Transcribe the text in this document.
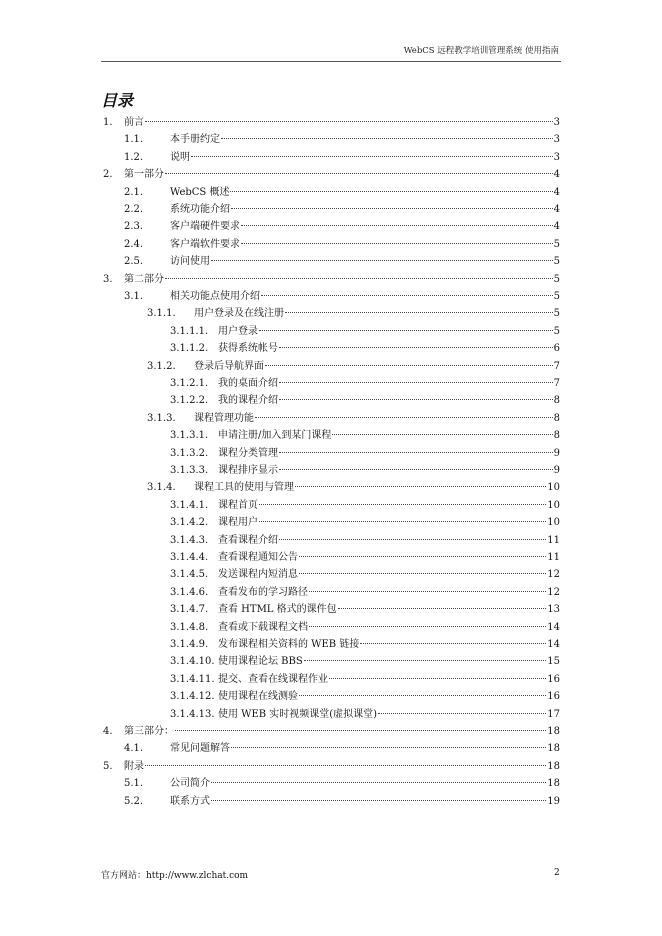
WebCS 远程教学培训管理系统 使用指南
目录
1. 前言	3
1.1.	本手册约定	3
1.2.	说明	3
2. 第一部分	4
2.1.	WebCS 概述	4
2.2.	系统功能介绍	4
2.3.	客户端硬件要求	4
2.4.	客户端软件要求	5
2.5.	访问使用	5
3. 第二部分	5
3.1.	相关功能点使用介绍	5
3.1.1. 用户登录及在线注册	5
3.1.1.1. 用户登录	5
3.1.1.2. 获得系统帐号	6
3.1.2. 登录后导航界面	7
3.1.2.1. 我的桌面介绍	7
3.1.2.2. 我的课程介绍	8
3.1.3. 课程管理功能	8
3.1.3.1. 申请注册/加入到某门课程	8
3.1.3.2. 课程分类管理	9
3.1.3.3. 课程排序显示	9
3.1.4. 课程工具的使用与管理	10
3.1.4.1. 课程首页	10
3.1.4.2. 课程用户	10
3.1.4.3. 查看课程介绍	11
3.1.4.4. 查看课程通知公告	11
3.1.4.5. 发送课程内短消息	12
3.1.4.6. 查看发布的学习路径	12
3.1.4.7. 查看 HTML 格式的课件包	13
3.1.4.8. 查看或下载课程文档	14
3.1.4.9. 发布课程相关资料的 WEB 链接	14
3.1.4.10. 使用课程论坛 BBS	15
3.1.4.11. 提交、查看在线课程作业	16
3.1.4.12. 使用课程在线测验	16
3.1.4.13. 使用 WEB 实时视频课堂(虚拟课堂)	17
4. 第三部分：	18
4.1.	常见问题解答	18
5. 附录	18
5.1.	公司简介	18
5.2.	联系方式	19
官方网站：http://www.zlchat.com	2
